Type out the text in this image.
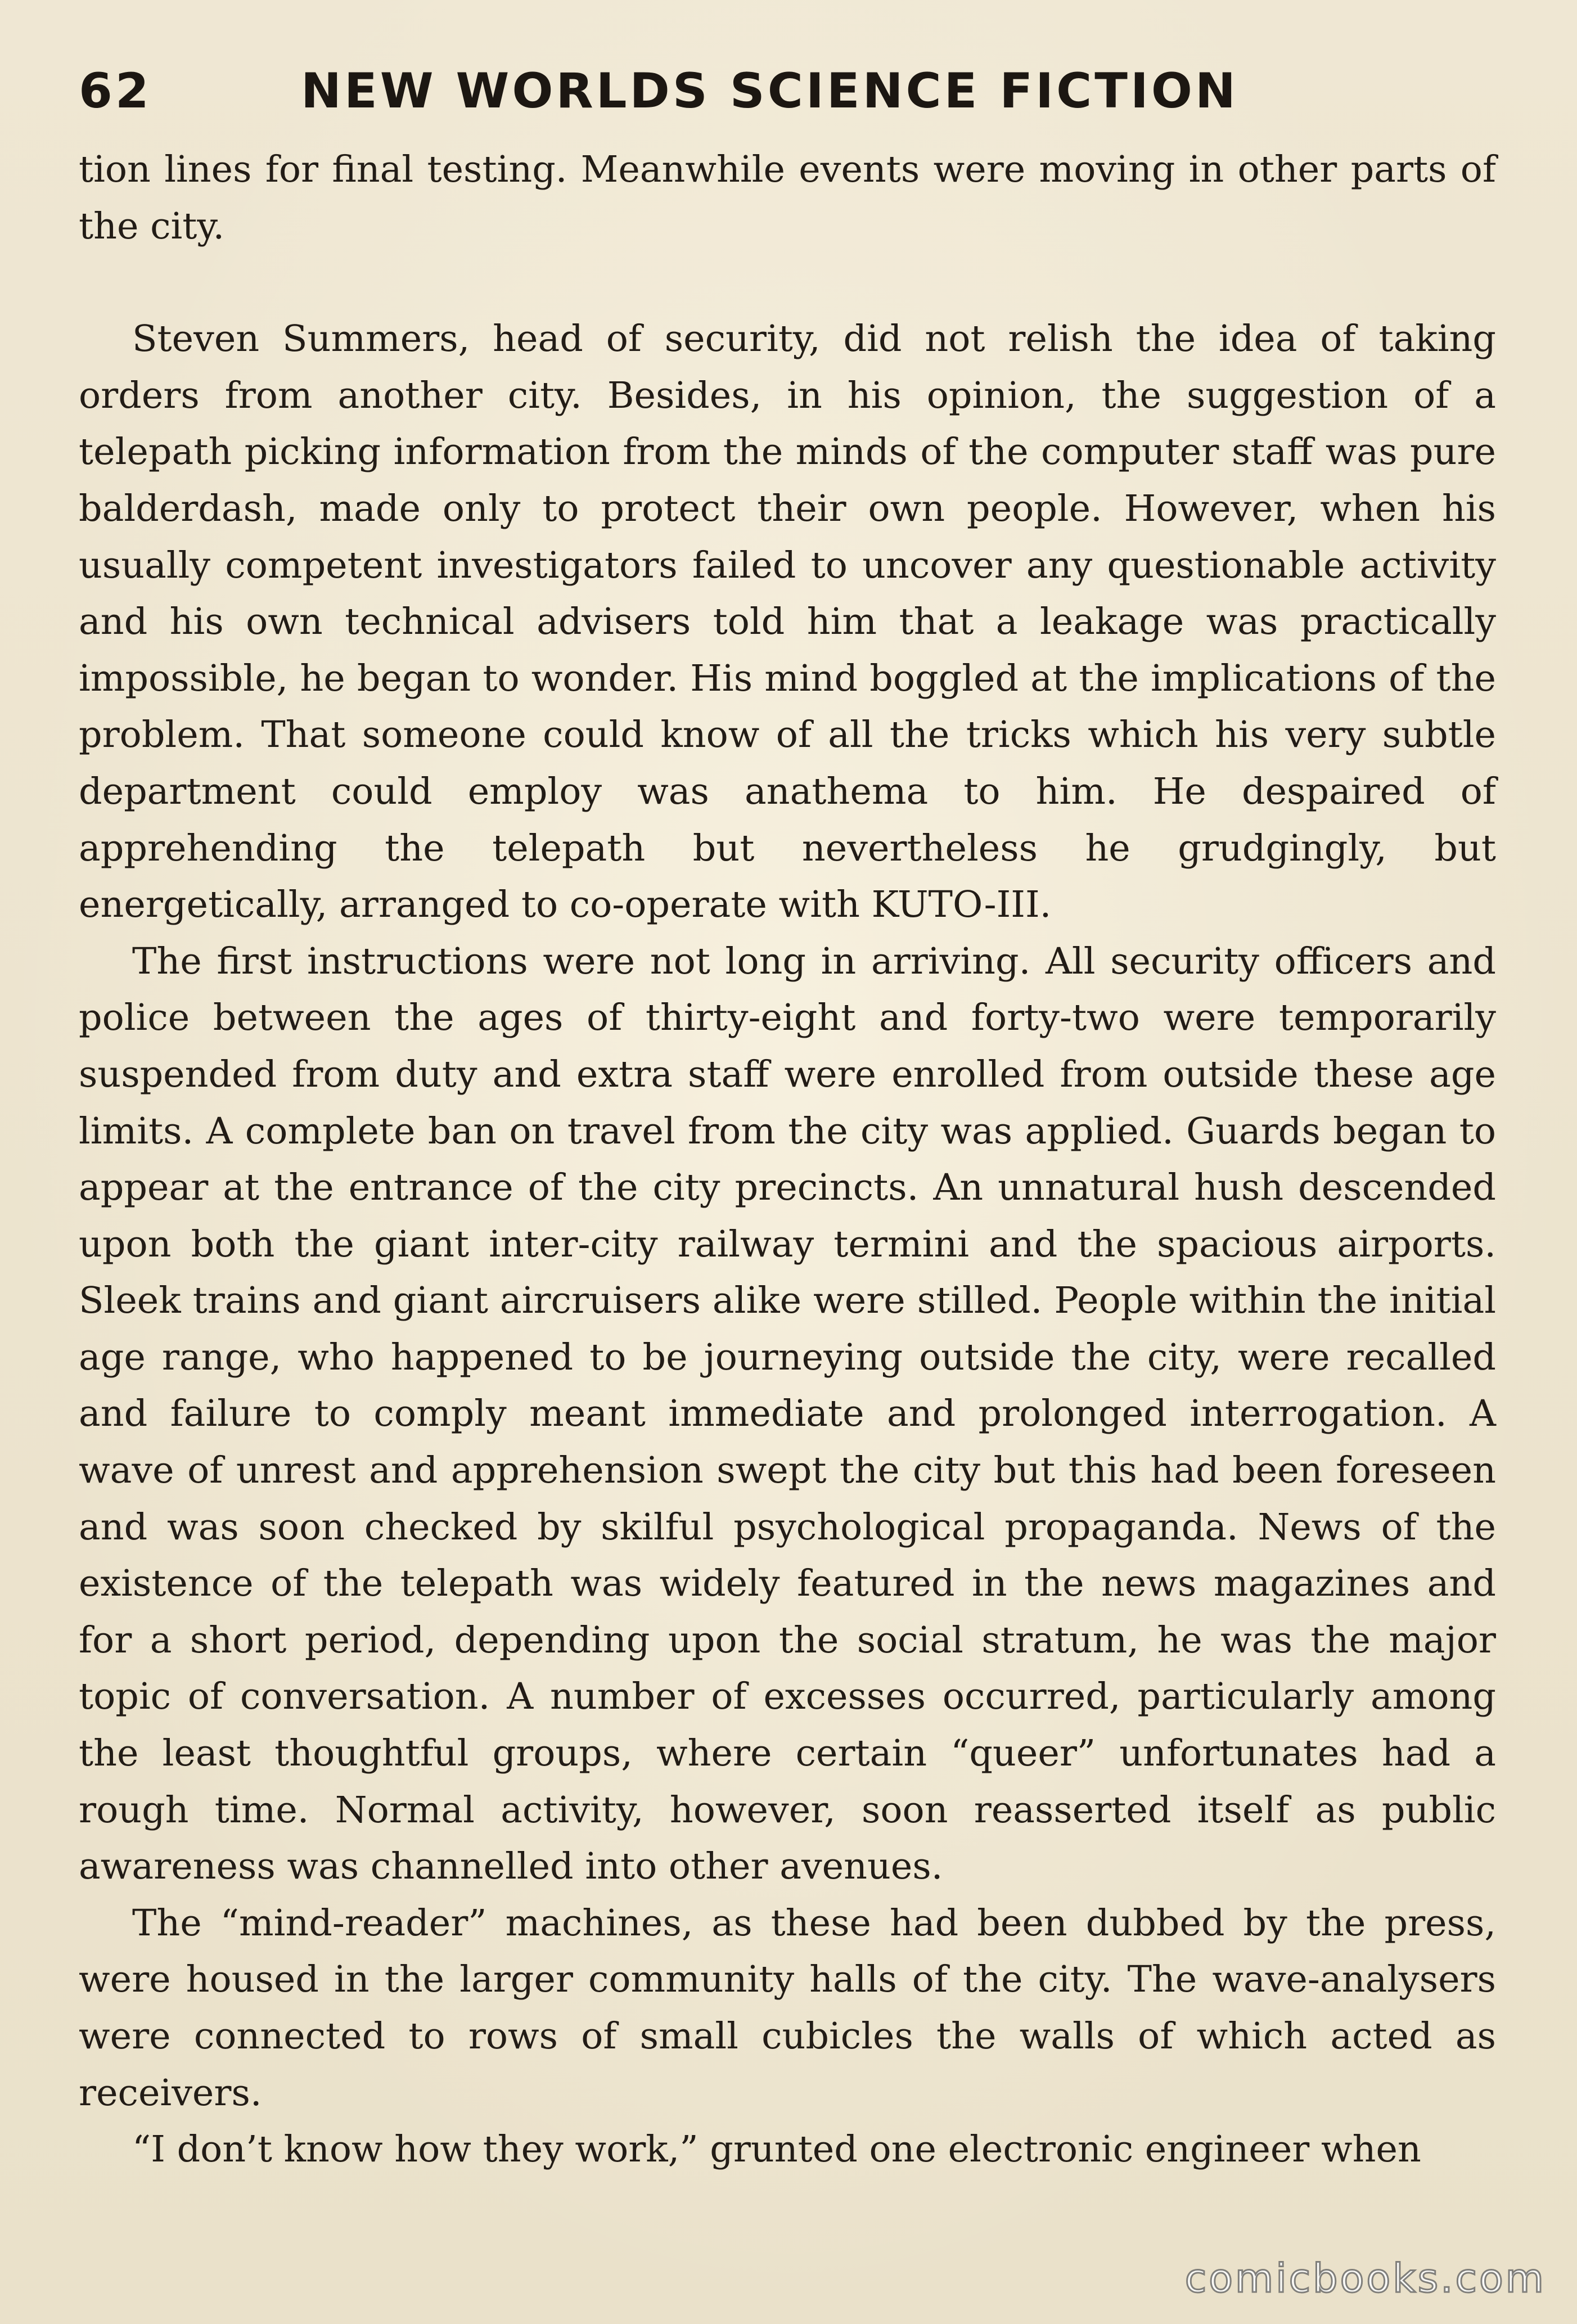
62	NEW WORLDS SCIENCE FICTION

tion lines for final testing. Meanwhile events were moving in other parts of the city.

Steven Summers, head of security, did not relish the idea of taking orders from another city. Besides, in his opinion, the suggestion of a telepath picking information from the minds of the computer staff was pure balderdash, made only to protect their own people. However, when his usually competent investigators failed to uncover any questionable activity and his own technical advisers told him that a leakage was practically impossible, he began to wonder. His mind boggled at the implications of the problem. That someone could know of all the tricks which his very subtle department could employ was anathema to him. He despaired of apprehending the telepath but nevertheless he grudgingly, but energetically, arranged to co-operate with KUTO-III.

The first instructions were not long in arriving. All security officers and police between the ages of thirty-eight and forty-two were temporarily suspended from duty and extra staff were enrolled from outside these age limits. A complete ban on travel from the city was applied. Guards began to appear at the entrance of the city precincts. An unnatural hush descended upon both the giant inter-city railway termini and the spacious airports. Sleek trains and giant aircruisers alike were stilled. People within the initial age range, who happened to be journeying outside the city, were recalled and failure to comply meant immediate and prolonged interrogation. A wave of unrest and apprehension swept the city but this had been foreseen and was soon checked by skilful psychological propaganda. News of the existence of the telepath was widely featured in the news magazines and for a short period, depending upon the social stratum, he was the major topic of conversation. A number of excesses occurred, particularly among the least thoughtful groups, where certain “queer” unfortunates had a rough time. Normal activity, however, soon reasserted itself as public awareness was channelled into other avenues.

The “mind-reader” machines, as these had been dubbed by the press, were housed in the larger community halls of the city. The wave-analysers were connected to rows of small cubicles the walls of which acted as receivers.

“I don’t know how they work,” grunted one electronic engineer when

comicbooks.com
